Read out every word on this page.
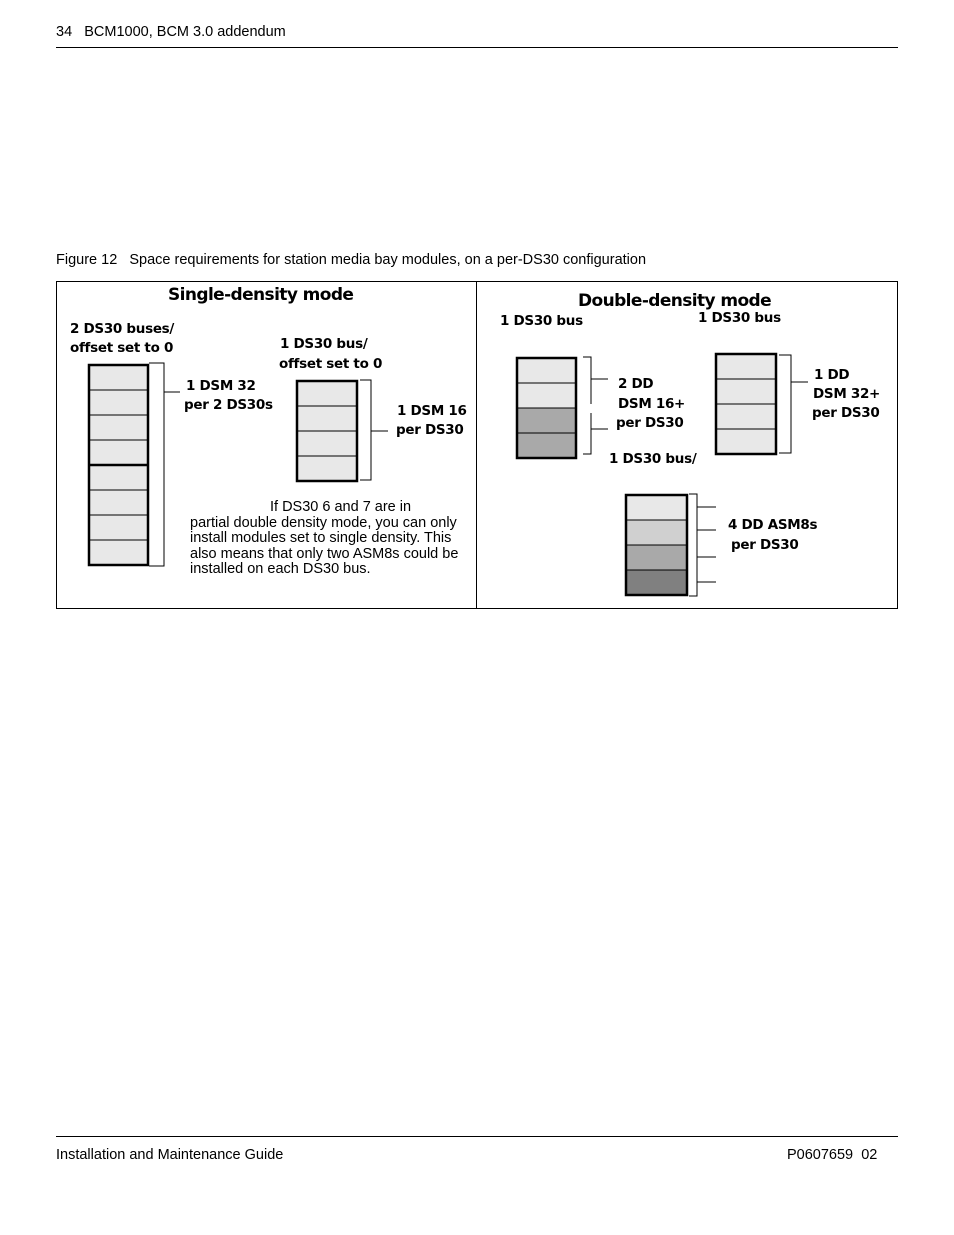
34 BCM1000, BCM 3.0 addendum
Figure 12 Space requirements for station media bay modules, on a per-DS30 configuration
Single-density mode
2 DS30 buses/
offset set to 0
1 DSM 32
per 2 DS30s
1 DS30 bus/
offset set to 0
1 DSM 16
per DS30
If DS30 6 and 7 are in
partial double density mode, you can only install modules set to single density. This also means that only two ASM8s could be installed on each DS30 bus.
Double-density mode
1 DS30 bus	1 DS30 bus
2 DD
DSM 16+
per DS30
1 DS30 bus/
1 DD
DSM 32+
per DS30
4 DD ASM8s
per DS30
Installation and Maintenance Guide	P0607659 02
